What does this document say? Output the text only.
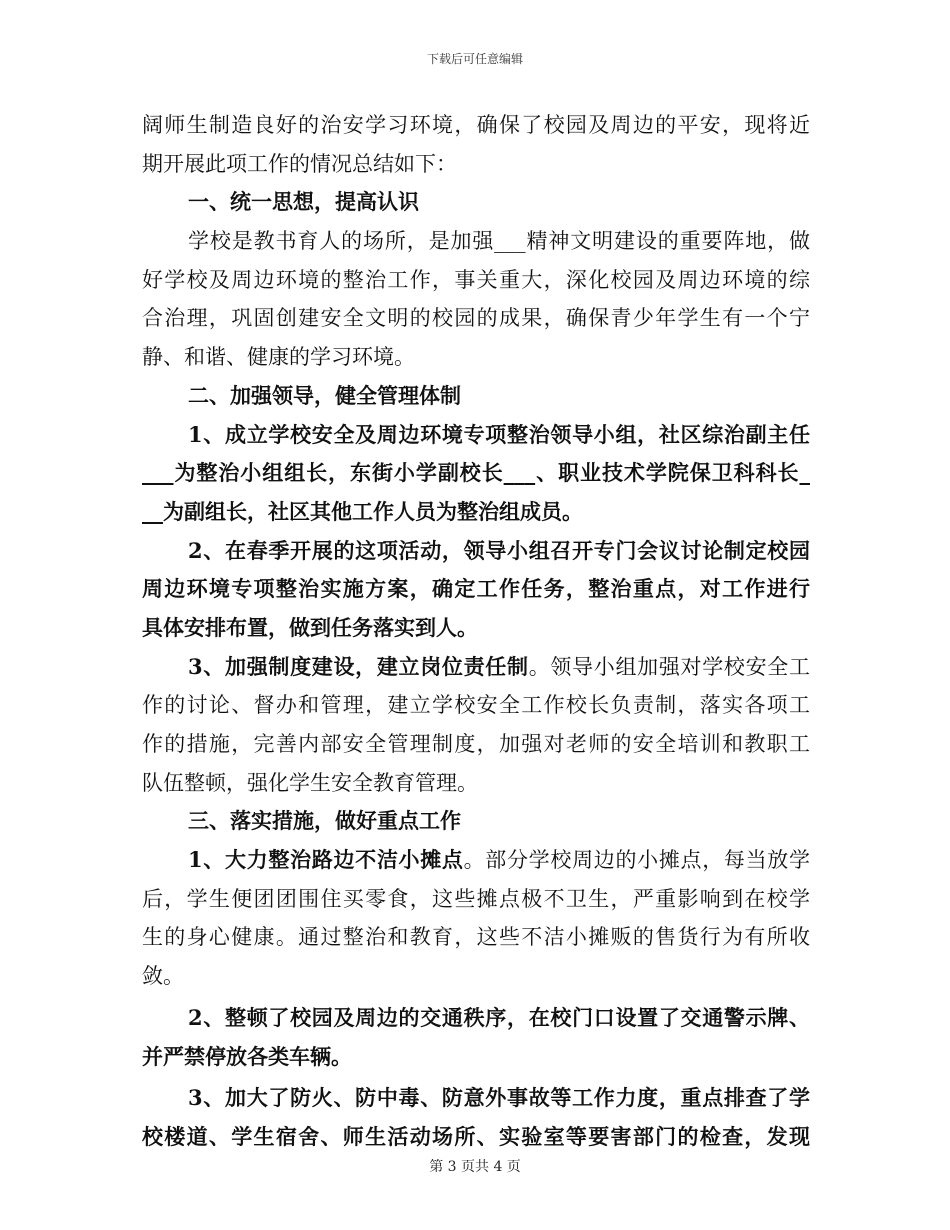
下载后可任意编辑
阔师生制造良好的治安学习环境，确保了校园及周边的平安，现将近
期开展此项工作的情况总结如下：
一、统一思想，提高认识
学校是教书育人的场所，是加强___精神文明建设的重要阵地，做
好学校及周边环境的整治工作，事关重大，深化校园及周边环境的综
合治理，巩固创建安全文明的校园的成果，确保青少年学生有一个宁
静、和谐、健康的学习环境。
二、加强领导，健全管理体制
1、成立学校安全及周边环境专项整治领导小组，社区综治副主任
___为整治小组组长，东街小学副校长___、职业技术学院保卫科科长_
__为副组长，社区其他工作人员为整治组成员。
2、在春季开展的这项活动，领导小组召开专门会议讨论制定校园
周边环境专项整治实施方案，确定工作任务，整治重点，对工作进行
具体安排布置，做到任务落实到人。
3、加强制度建设，建立岗位责任制。领导小组加强对学校安全工
作的讨论、督办和管理，建立学校安全工作校长负责制，落实各项工
作的措施，完善内部安全管理制度，加强对老师的安全培训和教职工
队伍整顿，强化学生安全教育管理。
三、落实措施，做好重点工作
1、大力整治路边不洁小摊点。部分学校周边的小摊点，每当放学
后，学生便团团围住买零食，这些摊点极不卫生，严重影响到在校学
生的身心健康。通过整治和教育，这些不洁小摊贩的售货行为有所收
敛。
2、整顿了校园及周边的交通秩序，在校门口设置了交通警示牌、
并严禁停放各类车辆。
3、加大了防火、防中毒、防意外事故等工作力度，重点排查了学
校楼道、学生宿舍、师生活动场所、实验室等要害部门的检查，发现
第 3 页共 4 页
